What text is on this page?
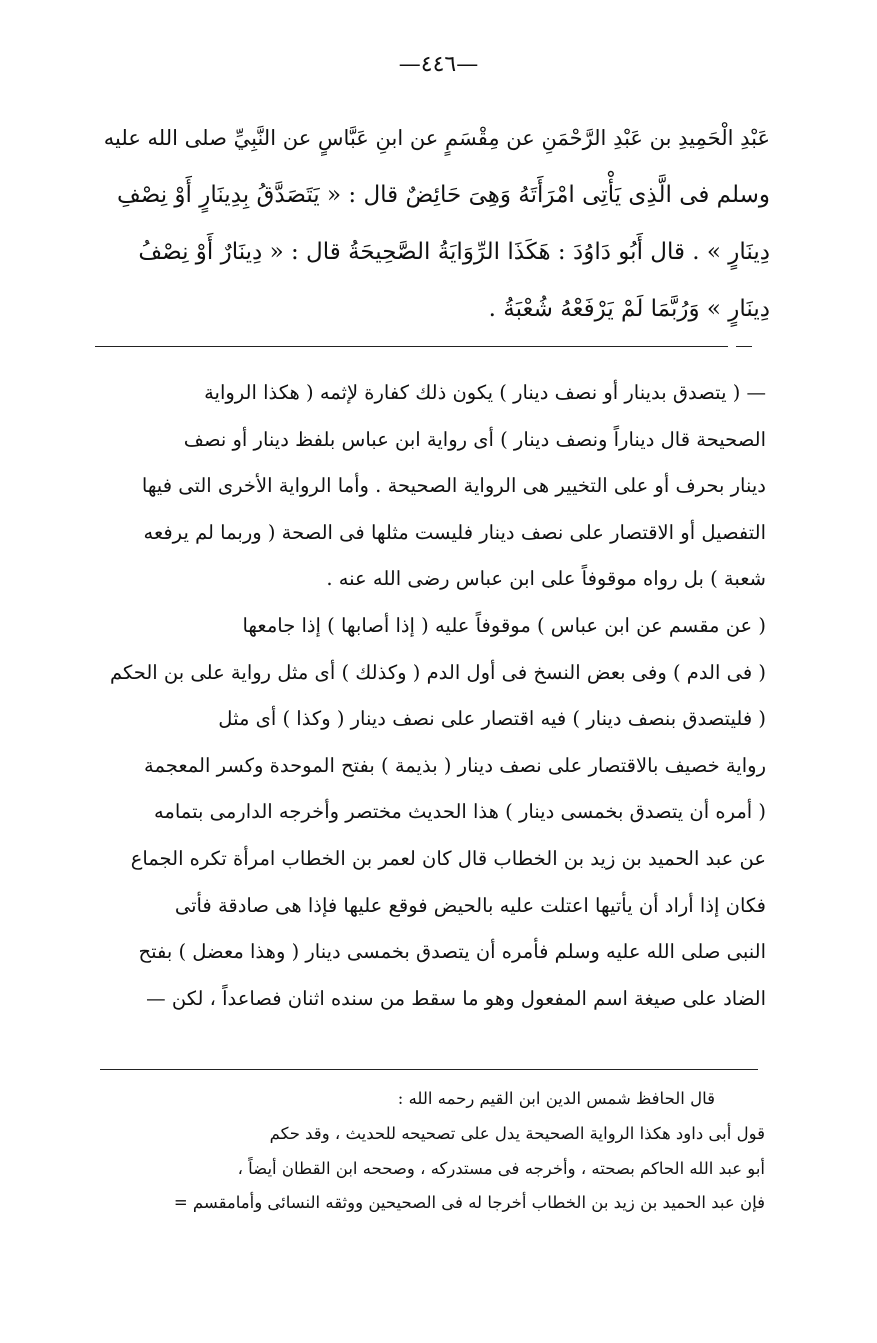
—٤٤٦—
عَبْدِ الْحَمِيدِ بن عَبْدِ الرَّحْمَنِ عن مِقْسَمٍ عن ابنِ عَبَّاسٍ عن النَّبِيِّ صلى الله عليه
وسلم فى الَّذِى يَأْتِى امْرَأَتَهُ وَهِىَ حَائِضٌ قال : « يَتَصَدَّقُ بِدِينَارٍ أَوْ نِصْفِ
دِينَارٍ » . قال أَبُو دَاوُدَ : هَكَذَا الرِّوَايَةُ الصَّحِيحَةُ قال : « دِينَارٌ أَوْ نِصْفُ
دِينَارٍ » وَرُبَّمَا لَمْ يَرْفَعْهُ شُعْبَةُ .
— ( يتصدق بدينار أو نصف دينار ) يكون ذلك كفارة لإثمه ( هكذا الرواية
الصحيحة قال ديناراً ونصف دينار ) أى رواية ابن عباس بلفظ دينار أو نصف
دينار بحرف أو على التخيير هى الرواية الصحيحة . وأما الرواية الأخرى التى فيها
التفصيل أو الاقتصار على نصف دينار فليست مثلها فى الصحة ( وربما لم يرفعه
شعبة ) بل رواه موقوفاً على ابن عباس رضى الله عنه .
( عن مقسم عن ابن عباس ) موقوفاً عليه ( إذا أصابها ) إذا جامعها
( فى الدم ) وفى بعض النسخ فى أول الدم ( وكذلك ) أى مثل رواية على بن الحكم
( فليتصدق بنصف دينار ) فيه اقتصار على نصف دينار ( وكذا ) أى مثل
رواية خصيف بالاقتصار على نصف دينار ( بذيمة ) بفتح الموحدة وكسر المعجمة
( أمره أن يتصدق بخمسى دينار ) هذا الحديث مختصر وأخرجه الدارمى بتمامه
عن عبد الحميد بن زيد بن الخطاب قال كان لعمر بن الخطاب امرأة تكره الجماع
فكان إذا أراد أن يأتيها اعتلت عليه بالحيض فوقع عليها فإذا هى صادقة فأتى
النبى صلى الله عليه وسلم فأمره أن يتصدق بخمسى دينار ( وهذا معضل ) بفتح
الضاد على صيغة اسم المفعول وهو ما سقط من سنده اثنان فصاعداً ، لكن —
قال الحافظ شمس الدين ابن القيم رحمه الله :
قول أبى داود هكذا الرواية الصحيحة يدل على تصحيحه للحديث ، وقد حكم
أبو عبد الله الحاكم بصحته ، وأخرجه فى مستدركه ، وصححه ابن القطان أيضاً ،
فإن عبد الحميد بن زيد بن الخطاب أخرجا له فى الصحيحين ووثقه النسائى وأمامقسم =
